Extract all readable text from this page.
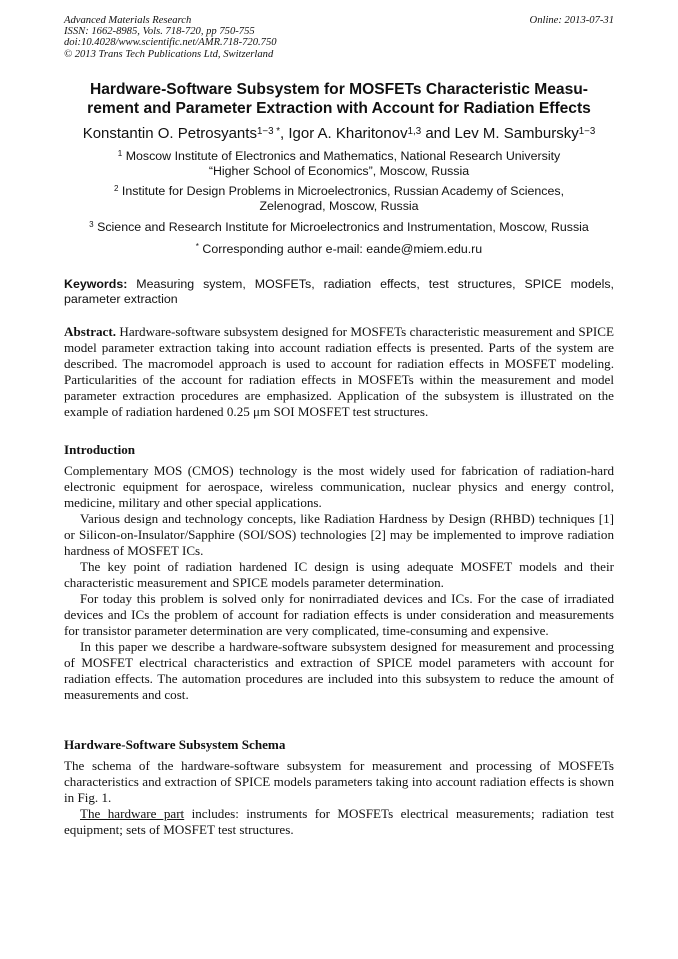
Advanced Materials Research	Online: 2013-07-31
ISSN: 1662-8985, Vols. 718-720, pp 750-755
doi:10.4028/www.scientific.net/AMR.718-720.750
© 2013 Trans Tech Publications Ltd, Switzerland
Hardware-Software Subsystem for MOSFETs Characteristic Measu-
rement and Parameter Extraction with Account for Radiation Effects
Konstantin O. Petrosyants$^{1-3 *}$, Igor A. Kharitonov$^{1,3}$ and Lev M. Sambursky$^{1-3}$
$^1$ Moscow Institute of Electronics and Mathematics, National Research University
“Higher School of Economics”, Moscow, Russia
$^2$ Institute for Design Problems in Microelectronics, Russian Academy of Sciences,
Zelenograd, Moscow, Russia
$^3$ Science and Research Institute for Microelectronics and Instrumentation, Moscow, Russia
* Corresponding author e-mail: eande@miem.edu.ru
Keywords: Measuring system, MOSFETs, radiation effects, test structures, SPICE models, parameter extraction
Abstract. Hardware-software subsystem designed for MOSFETs characteristic measurement and SPICE model parameter extraction taking into account radiation effects is presented. Parts of the system are described. The macromodel approach is used to account for radiation effects in MOSFET modeling. Particularities of the account for radiation effects in MOSFETs within the measurement and model parameter extraction procedures are emphasized. Application of the subsystem is illustrated on the example of radiation hardened 0.25 μm SOI MOSFET test structures.
Introduction

Complementary MOS (CMOS) technology is the most widely used for fabrication of radiation-hard electronic equipment for aerospace, wireless communication, nuclear physics and energy control, medicine, military and other special applications.

Various design and technology concepts, like Radiation Hardness by Design (RHBD) techniques [1] or Silicon-on-Insulator/Sapphire (SOI/SOS) technologies [2] may be implemented to improve radiation hardness of MOSFET ICs.

The key point of radiation hardened IC design is using adequate MOSFET models and their characteristic measurement and SPICE models parameter determination.

For today this problem is solved only for nonirradiated devices and ICs. For the case of irradiated devices and ICs the problem of account for radiation effects is under consideration and measurements for transistor parameter determination are very complicated, time-consuming and expensive.

In this paper we describe a hardware-software subsystem designed for measurement and processing of MOSFET electrical characteristics and extraction of SPICE model parameters with account for radiation effects. The automation procedures are included into this subsystem to reduce the amount of measurements and cost.

Hardware-Software Subsystem Schema

The schema of the hardware-software subsystem for measurement and processing of MOSFETs characteristics and extraction of SPICE models parameters taking into account radiation effects is shown in Fig. 1.

The hardware part includes: instruments for MOSFETs electrical measurements; radiation test equipment; sets of MOSFET test structures.
